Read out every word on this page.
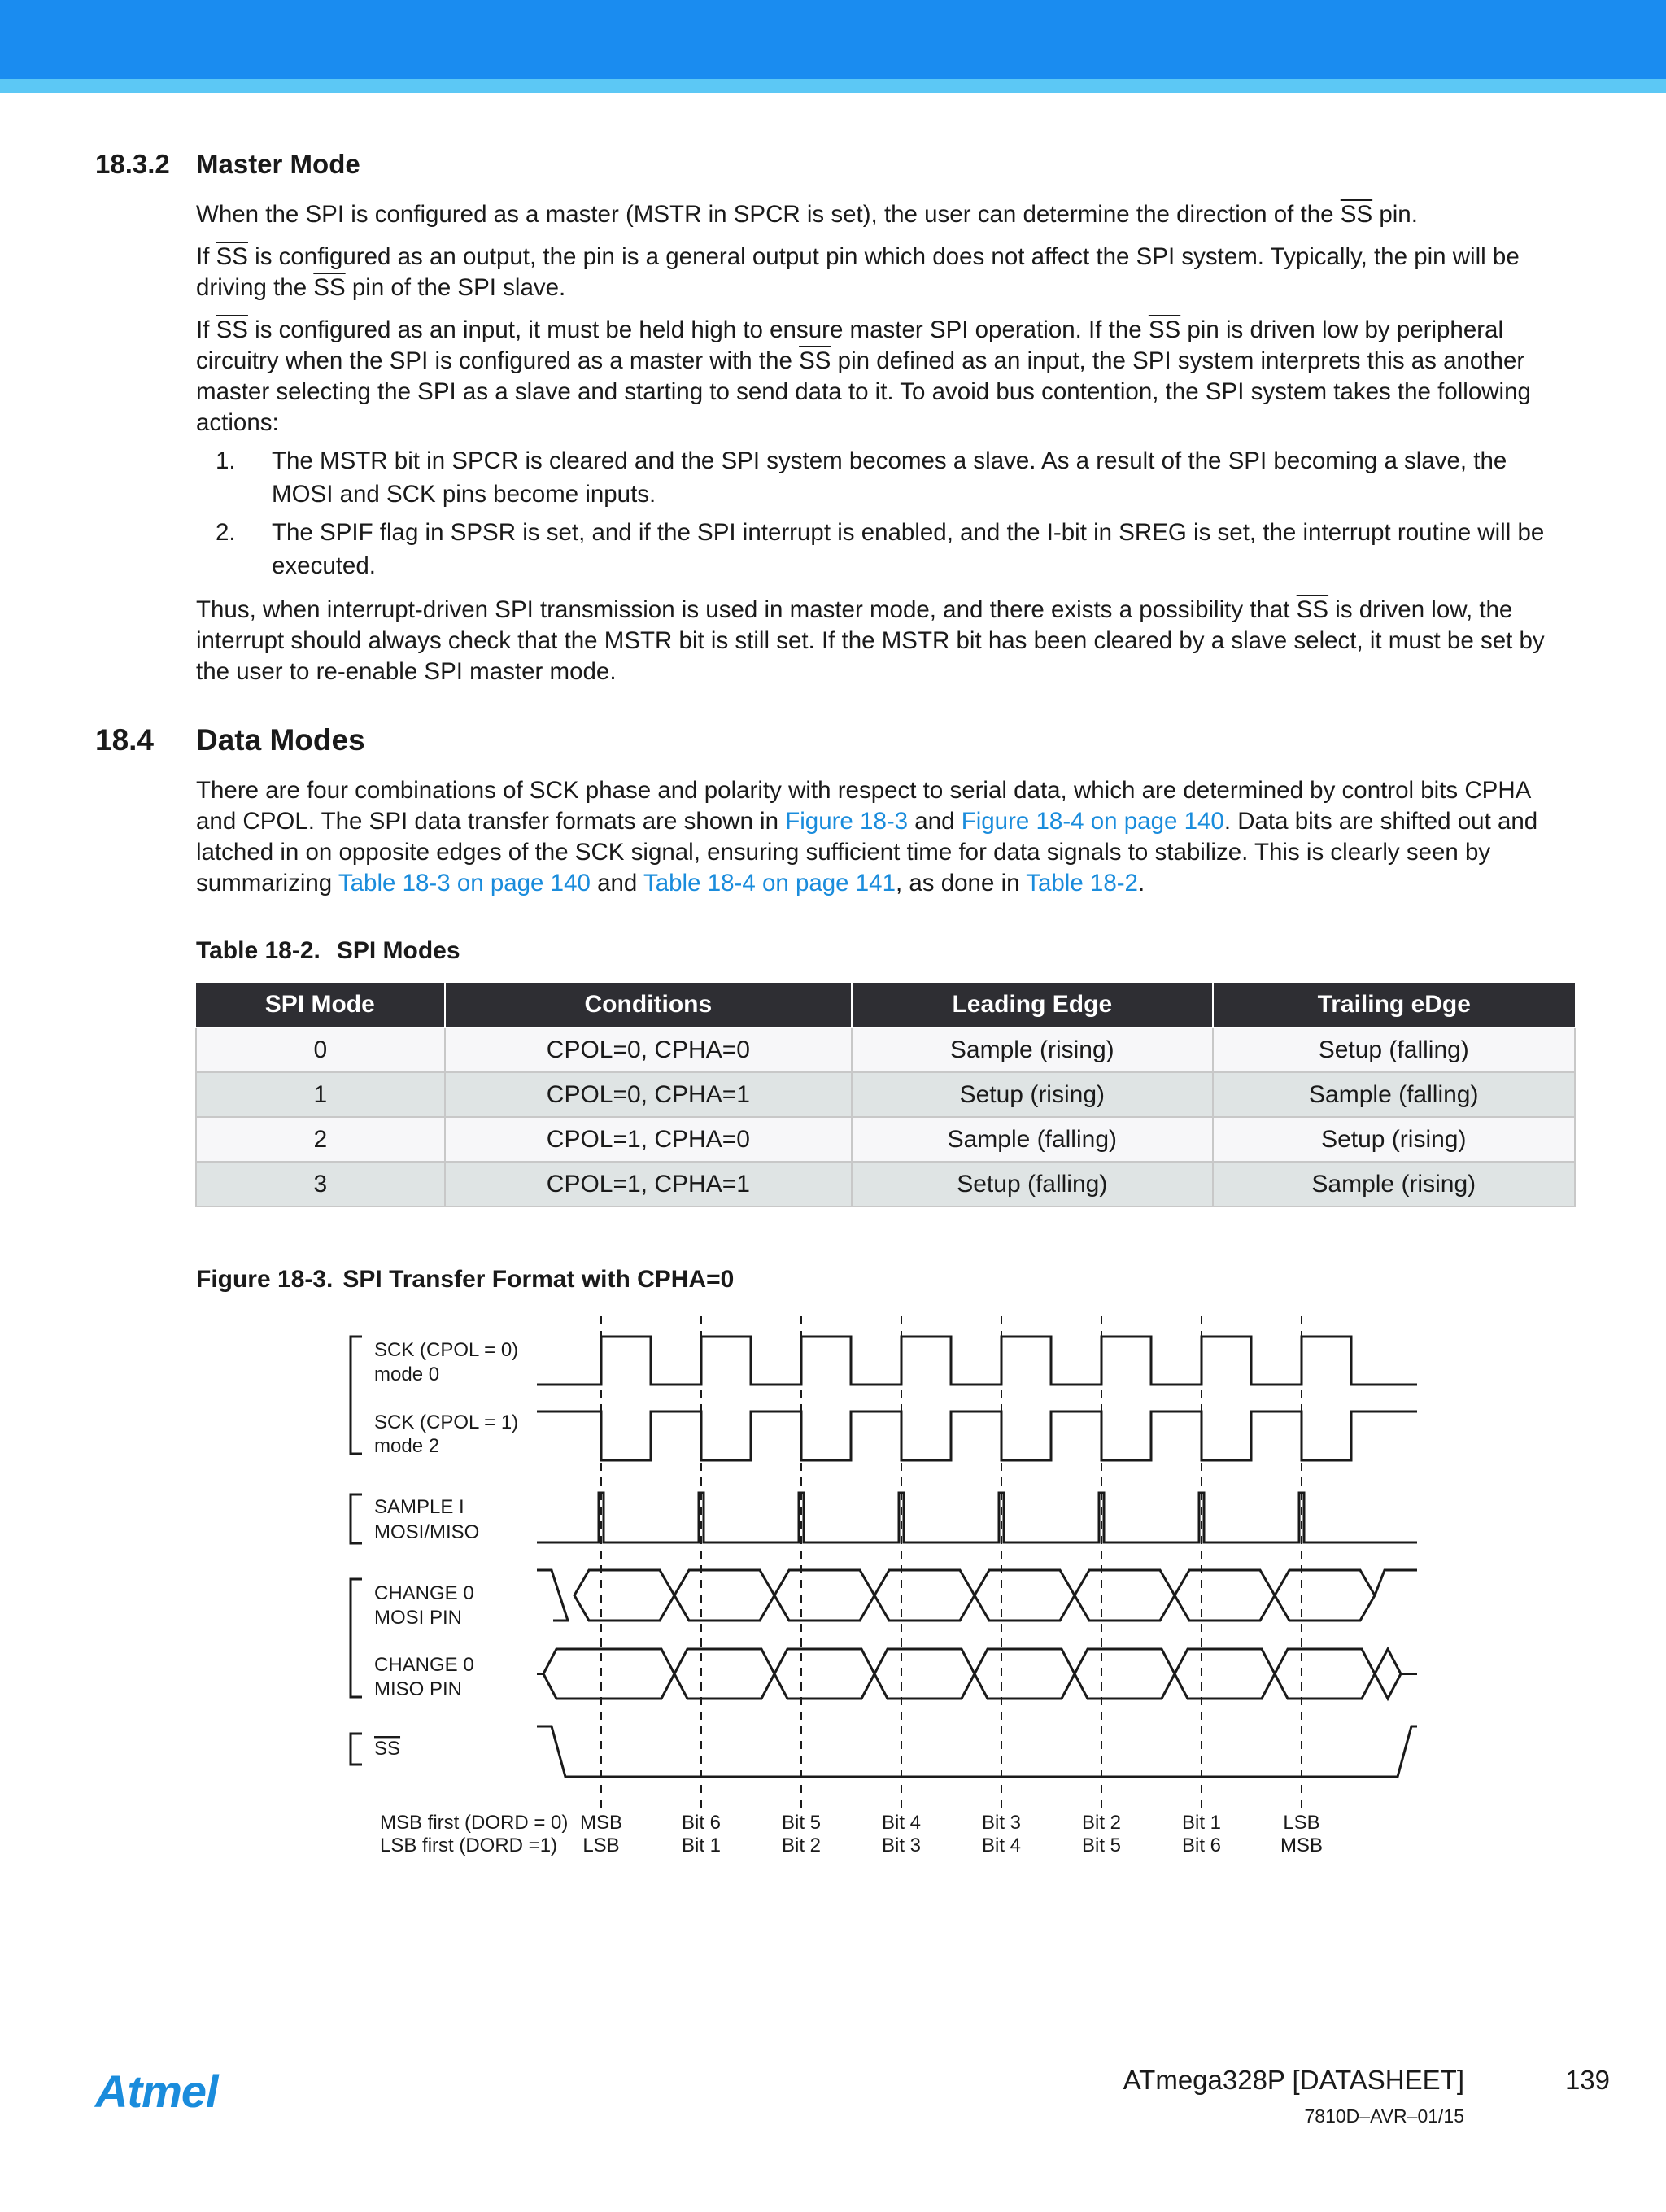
18.3.2 Master Mode

When the SPI is configured as a master (MSTR in SPCR is set), the user can determine the direction of the $\overline{SS}$ pin.

If $\overline{SS}$ is configured as an output, the pin is a general output pin which does not affect the SPI system. Typically, the pin will be driving the $\overline{SS}$ pin of the SPI slave.

If $\overline{SS}$ is configured as an input, it must be held high to ensure master SPI operation. If the $\overline{SS}$ pin is driven low by peripheral circuitry when the SPI is configured as a master with the $\overline{SS}$ pin defined as an input, the SPI system interprets this as another master selecting the SPI as a slave and starting to send data to it. To avoid bus contention, the SPI system takes the following actions:

1. The MSTR bit in SPCR is cleared and the SPI system becomes a slave. As a result of the SPI becoming a slave, the MOSI and SCK pins become inputs.
2. The SPIF flag in SPSR is set, and if the SPI interrupt is enabled, and the I-bit in SREG is set, the interrupt routine will be executed.

Thus, when interrupt-driven SPI transmission is used in master mode, and there exists a possibility that $\overline{SS}$ is driven low, the interrupt should always check that the MSTR bit is still set. If the MSTR bit has been cleared by a slave select, it must be set by the user to re-enable SPI master mode.

18.4 Data Modes

There are four combinations of SCK phase and polarity with respect to serial data, which are determined by control bits CPHA and CPOL. The SPI data transfer formats are shown in Figure 18-3 and Figure 18-4 on page 140. Data bits are shifted out and latched in on opposite edges of the SCK signal, ensuring sufficient time for data signals to stabilize. This is clearly seen by summarizing Table 18-3 on page 140 and Table 18-4 on page 141, as done in Table 18-2.

Table 18-2. SPI Modes
SPI Mode	Conditions	Leading Edge	Trailing eDge
0	CPOL=0, CPHA=0	Sample (rising)	Setup (falling)
1	CPOL=0, CPHA=1	Setup (rising)	Sample (falling)
2	CPOL=1, CPHA=0	Sample (falling)	Setup (rising)
3	CPOL=1, CPHA=1	Setup (falling)	Sample (rising)
Figure 18-3. SPI Transfer Format with CPHA=0
SCK (CPOL = 0)
mode 0
SCK (CPOL = 1)
mode 2
SAMPLE I
MOSI/MISO
CHANGE 0
MOSI PIN
CHANGE 0
MISO PIN
SS
MSB first (DORD = 0)
LSB first (DORD =1)
MSB	Bit 6	Bit 5	Bit 4	Bit 3	Bit 2	Bit 1	LSB
LSB	Bit 1	Bit 2	Bit 3	Bit 4	Bit 5	Bit 6	MSB
Atmel	ATmega328P [DATASHEET]	139
7810D–AVR–01/15
